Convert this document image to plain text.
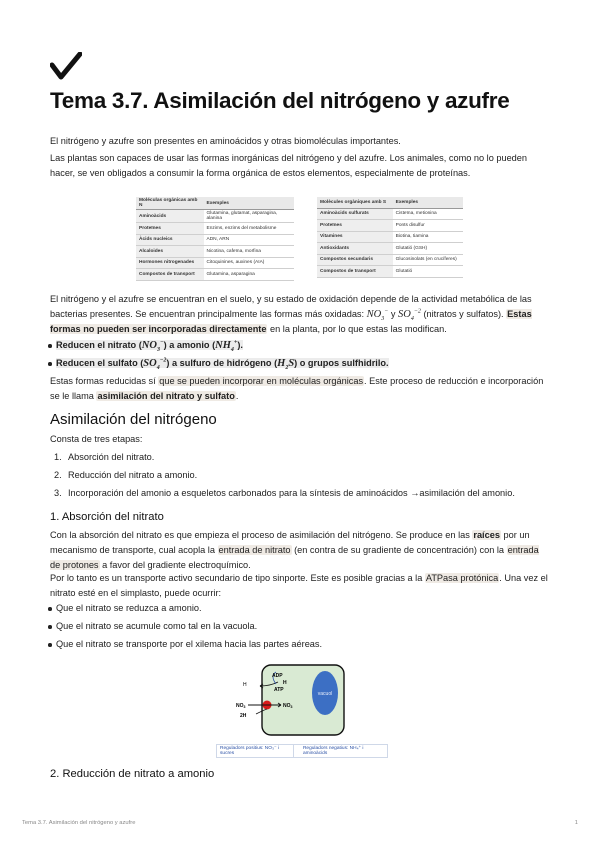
Tema 3.7. Asimilación del nitrógeno y azufre

El nitrógeno y azufre son presentes en aminoácidos y otras biomoléculas importantes.

Las plantas son capaces de usar las formas inorgánicas del nitrógeno y del azufre. Los animales, como no lo pueden hacer, se ven obligados a consumir la forma orgánica de estos elementos, especialmente de proteínas.

Moléculas orgánicas amb N	Exemples
Aminoàcids	Glutamina, glutamat, asparagina, alanina
Proteïnes	Enzims, enzims del metabolisme
Àcids nucleics	ADN, ARN
Alcaloides	Nicotina, cafeïna, morfina
Hormones nitrogenades	Citoquinines, auxines (AIA)
Compostos de transport	Glutamina, asparagina
Molècules orgàniques amb S	Exemples
Aminoàcids sulfurats	Cisteïna, metionina
Proteïnes	Ponts disulfur
Vitamines	Biotina, tiamina
Antioxidants	Glutatió (GSH)
Compostos secundaris	Glucosinolats (en crucíferes)
Compostos de transport	Glutatió

El nitrógeno y el azufre se encuentran en el suelo, y su estado de oxidación depende de la actividad metabólica de las bacterias presentes. Se encuentran principalmente las formas más oxidadas: $NO_3^-$ y $SO_4^{-2}$ (nitratos y sulfatos). Estas formas no pueden ser incorporadas directamente en la planta, por lo que estas las modifican.

Reducen el nitrato $(NO_3^-)$ a amonio $(NH_4^+)$.
Reducen el sulfato $(SO_4^{-2})$ a sulfuro de hidrógeno $(H_2S)$ o grupos sulfhidrilo.

Estas formas reducidas sí que se pueden incorporar en moléculas orgánicas. Este proceso de reducción e incorporación se le llama asimilación del nitrato y sulfato.

Asimilación del nitrógeno

Consta de tres etapas:

1. Absorción del nitrato.
2. Reducción del nitrato a amonio.
3. Incorporación del amonio a esqueletos carbonados para la síntesis de aminoácidos →asimilación del amonio.
1. Absorción del nitrato

Con la absorción del nitrato es que empieza el proceso de asimilación del nitrógeno. Se produce en las raíces por un mecanismo de transporte, cual acopla la entrada de nitrato (en contra de su gradiente de concentración) con la entrada de protones a favor del gradiente electroquímico.

Por lo tanto es un transporte activo secundario de tipo sinporte. Este es posible gracias a la ATPasa protónica. Una vez el nitrato esté en el simplasto, puede ocurrir:

Que el nitrato se reduzca a amonio.
Que el nitrato se acumule como tal en la vacuola.
Que el nitrato se transporte por el xilema hacia las partes aéreas.
vacuol
ADP
H
ATP
H
$NO_3$	$NO_3$
2H
Reguladors positius: NO₃⁻ i sucres
Reguladors negatius: NH₄⁺ i aminoàcids
2. Reducción de nitrato a amonio
Tema 3.7. Asimilación del nitrógeno y azufre	1
